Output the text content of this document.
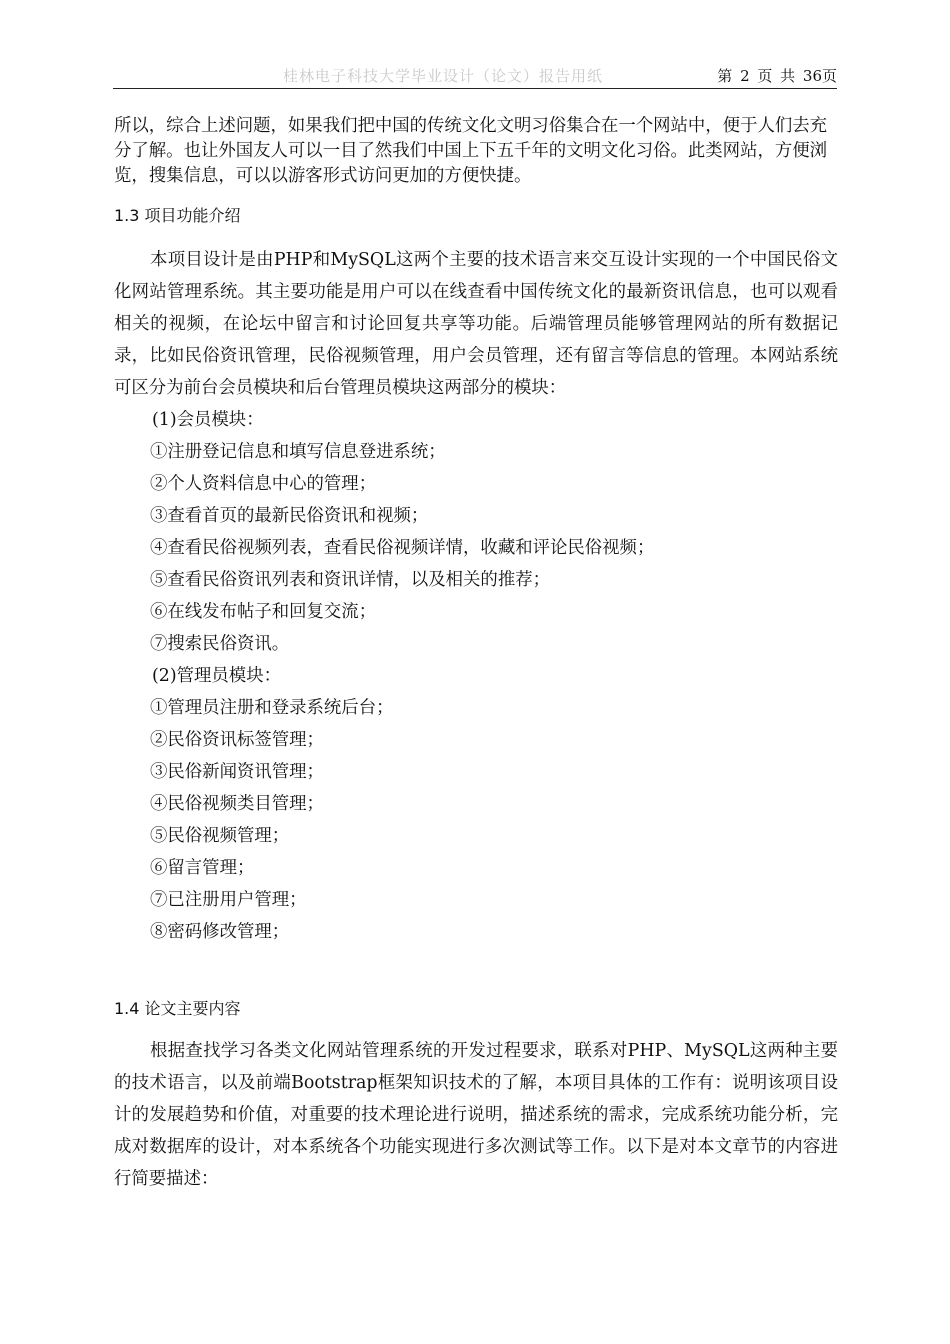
桂林电子科技大学毕业设计（论文）报告用纸	第 2 页 共 36页

所以，综合上述问题，如果我们把中国的传统文化文明习俗集合在一个网站中，便于人们去充分了解。也让外国友人可以一目了然我们中国上下五千年的文明文化习俗。此类网站，方便浏览，搜集信息，可以以游客形式访问更加的方便快捷。

1.3 项目功能介绍

本项目设计是由PHP和MySQL这两个主要的技术语言来交互设计实现的一个中国民俗文化网站管理系统。其主要功能是用户可以在线查看中国传统文化的最新资讯信息，也可以观看相关的视频，在论坛中留言和讨论回复共享等功能。后端管理员能够管理网站的所有数据记录，比如民俗资讯管理，民俗视频管理，用户会员管理，还有留言等信息的管理。本网站系统可区分为前台会员模块和后台管理员模块这两部分的模块：

(1)会员模块：
①注册登记信息和填写信息登进系统；
②个人资料信息中心的管理；
③查看首页的最新民俗资讯和视频；
④查看民俗视频列表，查看民俗视频详情，收藏和评论民俗视频；
⑤查看民俗资讯列表和资讯详情，以及相关的推荐；
⑥在线发布帖子和回复交流；
⑦搜索民俗资讯。
(2)管理员模块：
①管理员注册和登录系统后台；
②民俗资讯标签管理；
③民俗新闻资讯管理；
④民俗视频类目管理；
⑤民俗视频管理；
⑥留言管理；
⑦已注册用户管理；
⑧密码修改管理；

1.4 论文主要内容

根据查找学习各类文化网站管理系统的开发过程要求，联系对PHP、MySQL这两种主要的技术语言，以及前端Bootstrap框架知识技术的了解，本项目具体的工作有：说明该项目设计的发展趋势和价值，对重要的技术理论进行说明，描述系统的需求，完成系统功能分析，完成对数据库的设计，对本系统各个功能实现进行多次测试等工作。以下是对本文章节的内容进行简要描述：
